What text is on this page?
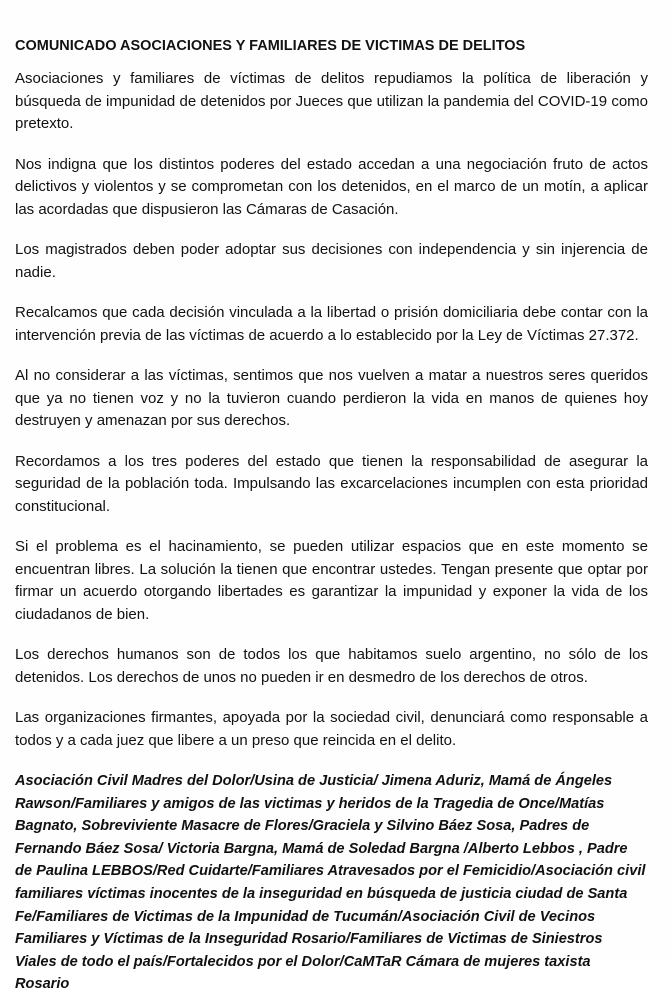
COMUNICADO ASOCIACIONES Y FAMILIARES DE VICTIMAS DE DELITOS

Asociaciones y familiares de víctimas de delitos repudiamos la política de liberación y búsqueda de impunidad de detenidos por Jueces que utilizan la pandemia del COVID-19 como pretexto.

Nos indigna que los distintos poderes del estado accedan a una negociación fruto de actos delictivos y violentos y se comprometan con los detenidos, en el marco de un motín, a aplicar las acordadas que dispusieron las Cámaras de Casación.

Los magistrados deben poder adoptar sus decisiones con independencia y sin injerencia de nadie.

Recalcamos que cada decisión vinculada a la libertad o prisión domiciliaria debe contar con la intervención previa de las víctimas de acuerdo a lo establecido por la Ley de Víctimas 27.372.

Al no considerar a las víctimas, sentimos que nos vuelven a matar a nuestros seres queridos que ya no tienen voz y no la tuvieron cuando perdieron la vida en manos de quienes hoy destruyen y amenazan por sus derechos.

Recordamos a los tres poderes del estado que tienen la responsabilidad de asegurar la seguridad de la población toda. Impulsando las excarcelaciones incumplen con esta prioridad constitucional.

Si el problema es el hacinamiento, se pueden utilizar espacios que en este momento se encuentran libres. La solución la tienen que encontrar ustedes. Tengan presente que optar por firmar un acuerdo otorgando libertades es garantizar la impunidad y exponer la vida de los ciudadanos de bien.

Los derechos humanos son de todos los que habitamos suelo argentino, no sólo de los detenidos. Los derechos de unos no pueden ir en desmedro de los derechos de otros.

Las organizaciones firmantes, apoyada por la sociedad civil, denunciará como responsable a todos y a cada juez que libere a un preso que reincida en el delito.

Asociación Civil Madres del Dolor/Usina de Justicia/ Jimena Aduriz, Mamá de Ángeles Rawson/Familiares y amigos de las victimas y heridos de la Tragedia de Once/Matías Bagnato, Sobreviviente Masacre de Flores/Graciela y Silvino Báez Sosa, Padres de Fernando Báez Sosa/ Victoria Bargna, Mamá de Soledad Bargna /Alberto Lebbos , Padre de Paulina LEBBOS/Red Cuidarte/Familiares Atravesados por el Femicidio/Asociación civil familiares víctimas inocentes de la inseguridad en búsqueda de justicia ciudad de Santa Fe/Familiares de Victimas de la Impunidad de Tucumán/Asociación Civil de Vecinos Familiares y Víctimas de la Inseguridad Rosario/Familiares de Victimas de Siniestros Viales de todo el país/Fortalecidos por el Dolor/CaMTaR Cámara de mujeres taxista Rosario
